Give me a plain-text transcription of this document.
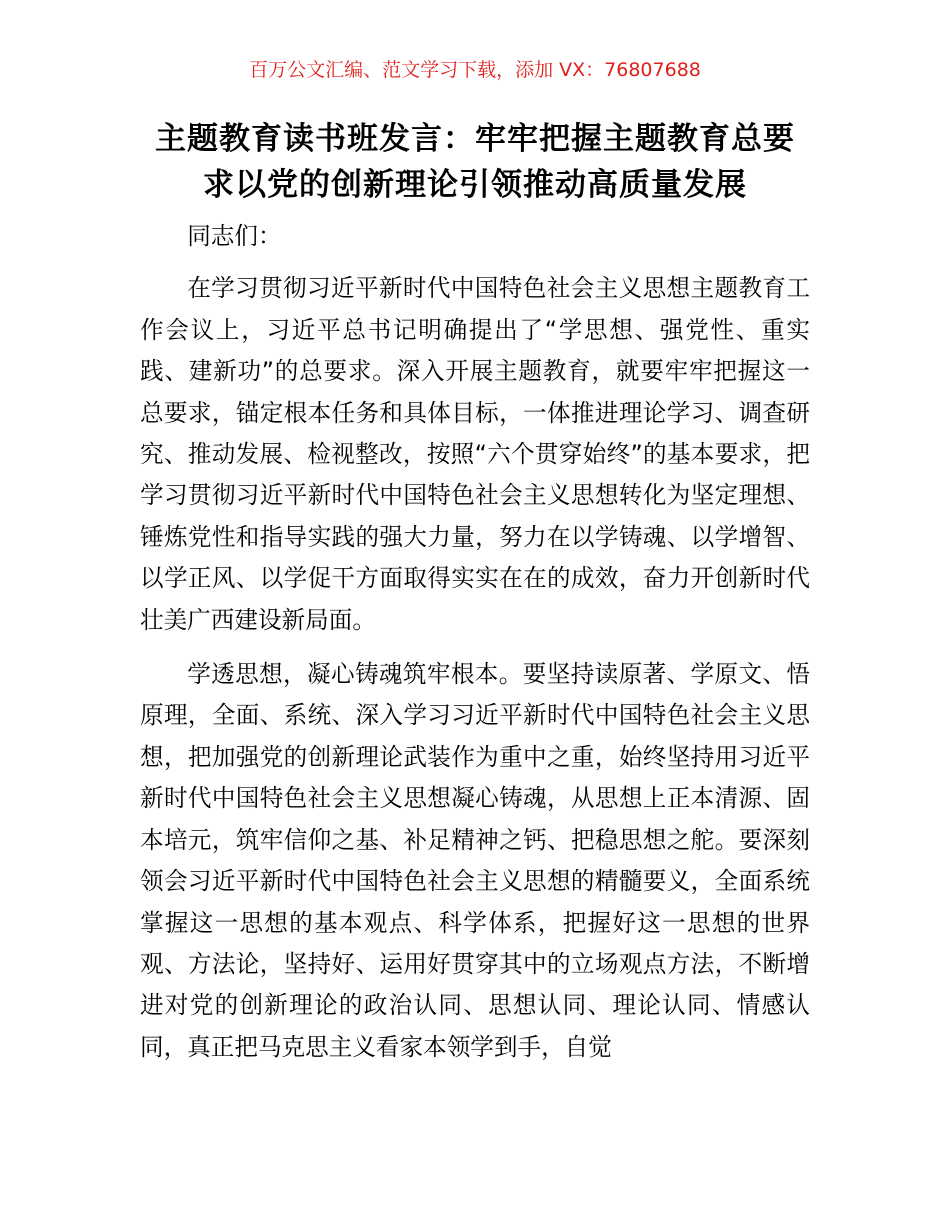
百万公文汇编、范文学习下载，添加 VX：76807688
主题教育读书班发言：牢牢把握主题教育总要
求以党的创新理论引领推动高质量发展

同志们：

在学习贯彻习近平新时代中国特色社会主义思想主题教育工作会议上，习近平总书记明确提出了“学思想、强党性、重实践、建新功”的总要求。深入开展主题教育，就要牢牢把握这一总要求，锚定根本任务和具体目标，一体推进理论学习、调查研究、推动发展、检视整改，按照“六个贯穿始终”的基本要求，把学习贯彻习近平新时代中国特色社会主义思想转化为坚定理想、锤炼党性和指导实践的强大力量，努力在以学铸魂、以学增智、以学正风、以学促干方面取得实实在在的成效，奋力开创新时代壮美广西建设新局面。

学透思想，凝心铸魂筑牢根本。要坚持读原著、学原文、悟原理，全面、系统、深入学习习近平新时代中国特色社会主义思想，把加强党的创新理论武装作为重中之重，始终坚持用习近平新时代中国特色社会主义思想凝心铸魂，从思想上正本清源、固本培元，筑牢信仰之基、补足精神之钙、把稳思想之舵。要深刻领会习近平新时代中国特色社会主义思想的精髓要义，全面系统掌握这一思想的基本观点、科学体系，把握好这一思想的世界观、方法论，坚持好、运用好贯穿其中的立场观点方法，不断增进对党的创新理论的政治认同、思想认同、理论认同、情感认同，真正把马克思主义看家本领学到手，自觉
